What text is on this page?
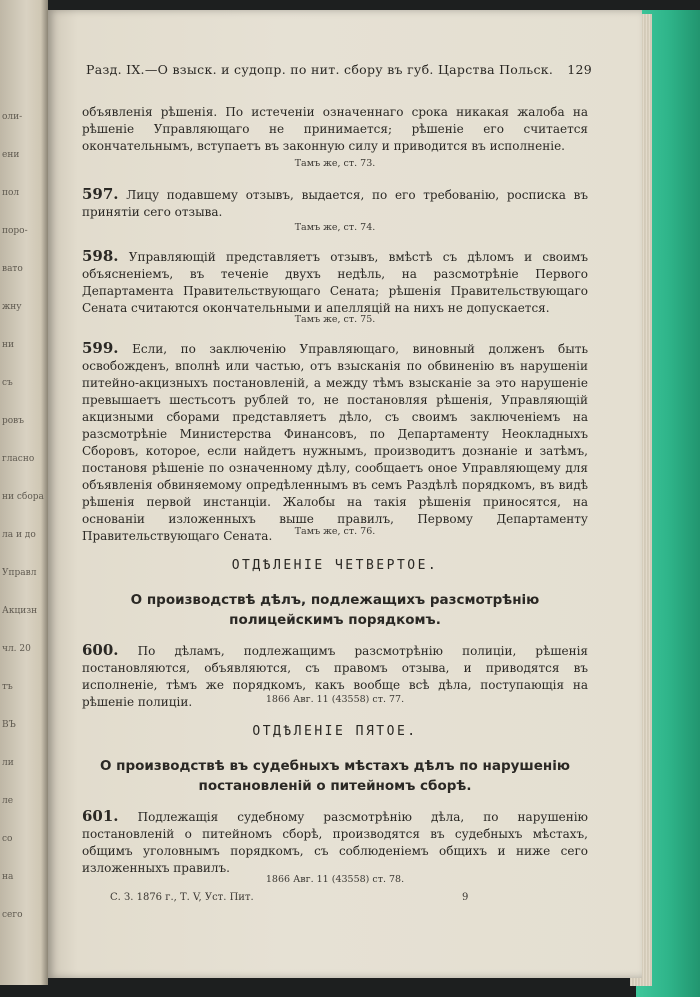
оли-
ени
пол
поро-
вато
жну
ни
съ
ровъ
гласно
ни сбора
ла и до
Управл
Акцизн
чл. 20
тъ
ВЪ
ли
ле
со
на
сего
Разд. IX.—О взыск. и судопр. по нит. сбору въ губ. Царства Польск. 129
объявленія рѣшенія. По истеченіи означеннаго срока никакая жалоба на рѣшеніе Управляющаго не принимается; рѣшеніе его считается окончательнымъ, вступаетъ въ законную силу и приводится въ исполненіе.
Тамъ же, ст. 73.
597. Лицу подавшему отзывъ, выдается, по его требованію, росписка въ принятіи сего отзыва.
Тамъ же, ст. 74.
598. Управляющій представляетъ отзывъ, вмѣстѣ съ дѣломъ и своимъ объясненіемъ, въ теченіе двухъ недѣль, на разсмотрѣніе Первого Департамента Правительствующаго Сената; рѣшенія Правительствующаго Сената считаются окончательными и апелляцій на нихъ не допускается.
Тамъ же, ст. 75.
599. Если, по заключенію Управляющаго, виновный долженъ быть освобожденъ, вполнѣ или частью, отъ взысканія по обвиненію въ нарушеніи питейно-акцизныхъ постановленій, а между тѣмъ взысканіе за это нарушеніе превышаетъ шестьсотъ рублей то, не постановляя рѣшенія, Управляющій акцизными сборами представляетъ дѣло, съ своимъ заключеніемъ на разсмотрѣніе Министерства Финансовъ, по Департаменту Неокладныхъ Сборовъ, которое, если найдетъ нужнымъ, производитъ дознаніе и затѣмъ, постановя рѣшеніе по означенному дѣлу, сообщаетъ оное Управляющему для объявленія обвиняемому опредѣленнымъ въ семъ Раздѣлѣ порядкомъ, въ видѣ рѣшенія первой инстанціи. Жалобы на такія рѣшенія приносятся, на основаніи изложенныхъ выше правилъ, Первому Департаменту Правительствующаго Сената.	Тамъ же, ст. 76.
ОТДѢЛЕНІЕ ЧЕТВЕРТОЕ.
О производствѣ дѣлъ, подлежащихъ разсмотрѣнію полицейскимъ порядкомъ.
600. По дѣламъ, подлежащимъ разсмотрѣнію полиціи, рѣшенія постановляются, объявляются, съ правомъ отзыва, и приводятся въ исполненіе, тѣмъ же порядкомъ, какъ вообще всѣ дѣла, поступающія на рѣшеніе полиціи.	1866 Авг. 11 (43558) ст. 77.
ОТДѢЛЕНІЕ ПЯТОЕ.
О производствѣ въ судебныхъ мѣстахъ дѣлъ по нарушенію постановленій о питейномъ сборѣ.
601. Подлежащія судебному разсмотрѣнію дѣла, по нарушенію постановленій о питейномъ сборѣ, производятся въ судебныхъ мѣстахъ, общимъ уголовнымъ порядкомъ, съ соблюденіемъ общихъ и ниже сего изложенныхъ правилъ.
1866 Авг. 11 (43558) ст. 78.
С. З. 1876 г., Т. V, Уст. Пит.	9
